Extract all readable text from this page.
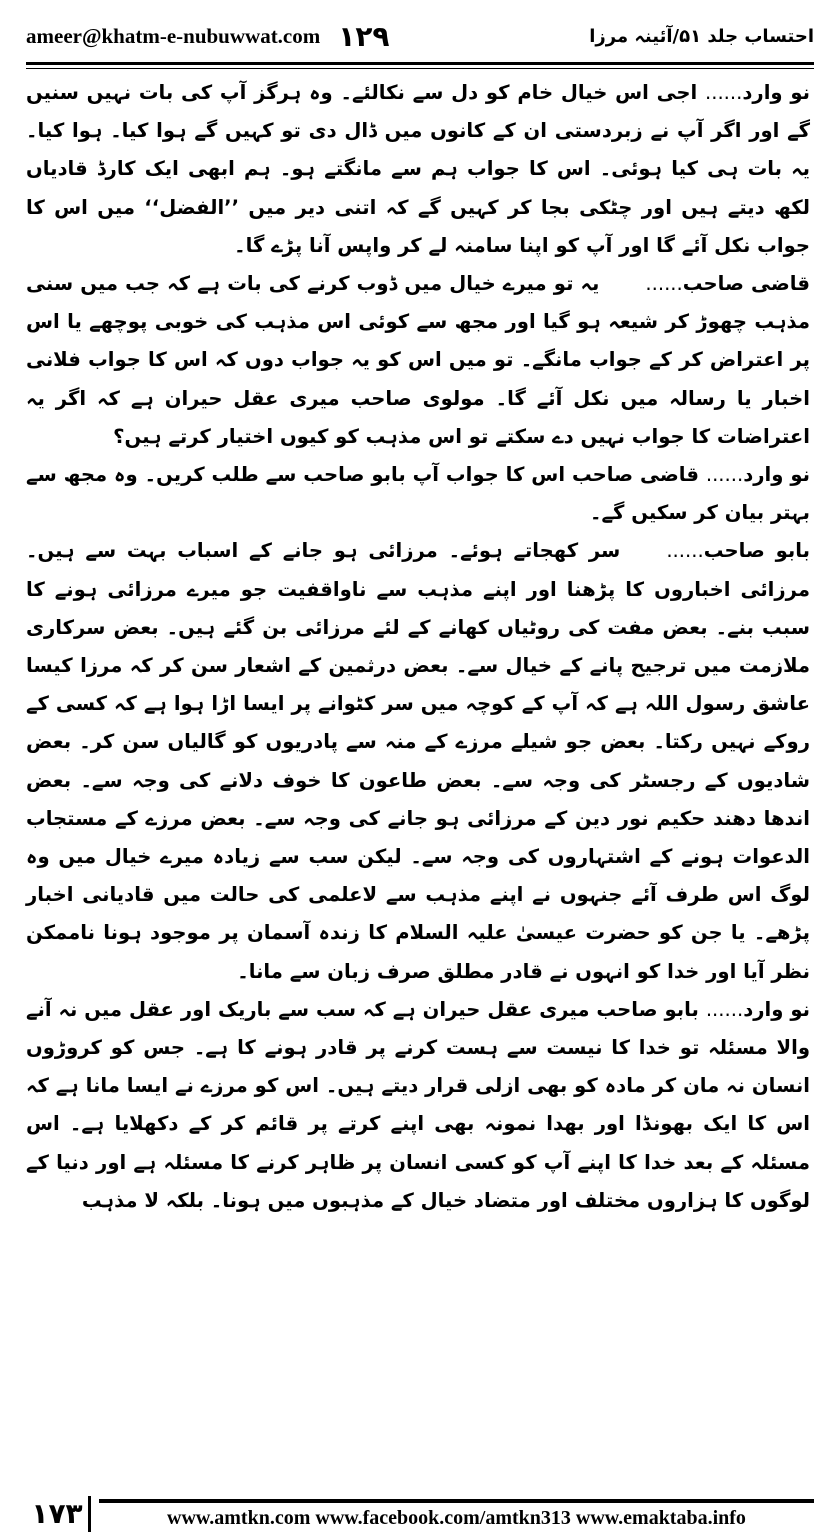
ameer@khatm-e-nubuwwat.com ١٢٩	احتساب جلد ۵۱/آئینہ مرزا

نو وارد...... اجی اس خیال خام کو دل سے نکالئے۔ وہ ہرگز آپ کی بات نہیں سنیں گے اور اگر آپ نے زبردستی ان کے کانوں میں ڈال دی تو کہیں گے ہوا کیا۔ ہوا کیا۔ یہ بات ہی کیا ہوئی۔ اس کا جواب ہم سے مانگتے ہو۔ ہم ابھی ایک کارڈ قادیاں لکھ دیتے ہیں اور چٹکی بجا کر کہیں گے کہ اتنی دیر میں ’’الفضل‘‘ میں اس کا جواب نکل آئے گا اور آپ کو اپنا سامنہ لے کر واپس آنا پڑے گا۔

قاضی صاحب......یہ تو میرے خیال میں ڈوب کرنے کی بات ہے کہ جب میں سنی مذہب چھوڑ کر شیعہ ہو گیا اور مجھ سے کوئی اس مذہب کی خوبی پوچھے یا اس پر اعتراض کر کے جواب مانگے۔ تو میں اس کو یہ جواب دوں کہ اس کا جواب فلانی اخبار یا رسالہ میں نکل آئے گا۔ مولوی صاحب میری عقل حیران ہے کہ اگر یہ اعتراضات کا جواب نہیں دے سکتے تو اس مذہب کو کیوں اختیار کرتے ہیں؟

نو وارد...... قاضی صاحب اس کا جواب آپ بابو صاحب سے طلب کریں۔ وہ مجھ سے بہتر بیان کر سکیں گے۔

بابو صاحب......سر کھجاتے ہوئے۔ مرزائی ہو جانے کے اسباب بہت سے ہیں۔ مرزائی اخباروں کا پڑھنا اور اپنے مذہب سے ناواقفیت جو میرے مرزائی ہونے کا سبب بنے۔ بعض مفت کی روٹیاں کھانے کے لئے مرزائی بن گئے ہیں۔ بعض سرکاری ملازمت میں ترجیح پانے کے خیال سے۔ بعض درثمین کے اشعار سن کر کہ مرزا کیسا عاشق رسول اللہ ہے کہ آپ کے کوچہ میں سر کٹوانے پر ایسا اڑا ہوا ہے کہ کسی کے روکے نہیں رکتا۔ بعض جو شیلے مرزے کے منہ سے پادریوں کو گالیاں سن کر۔ بعض شادیوں کے رجسٹر کی وجہ سے۔ بعض طاعون کا خوف دلانے کی وجہ سے۔ بعض اندھا دھند حکیم نور دین کے مرزائی ہو جانے کی وجہ سے۔ بعض مرزے کے مستجاب الدعوات ہونے کے اشتہاروں کی وجہ سے۔ لیکن سب سے زیادہ میرے خیال میں وہ لوگ اس طرف آئے جنہوں نے اپنے مذہب سے لاعلمی کی حالت میں قادیانی اخبار پڑھے۔ یا جن کو حضرت عیسیٰ علیہ السلام کا زندہ آسمان پر موجود ہونا ناممکن نظر آیا اور خدا کو انہوں نے قادر مطلق صرف زبان سے مانا۔

نو وارد...... بابو صاحب میری عقل حیران ہے کہ سب سے باریک اور عقل میں نہ آنے والا مسئلہ تو خدا کا نیست سے ہست کرنے پر قادر ہونے کا ہے۔ جس کو کروڑوں انسان نہ مان کر مادہ کو بھی ازلی قرار دیتے ہیں۔ اس کو مرزے نے ایسا مانا ہے کہ اس کا ایک بھونڈا اور بھدا نمونہ بھی اپنے کرتے پر قائم کر کے دکھلایا ہے۔ اس مسئلہ کے بعد خدا کا اپنے آپ کو کسی انسان پر ظاہر کرنے کا مسئلہ ہے اور دنیا کے لوگوں کا ہزاروں مختلف اور متضاد خیال کے مذہبوں میں ہونا۔ بلکہ لا مذہب

١٧٣	www.amtkn.com www.facebook.com/amtkn313 www.emaktaba.info
